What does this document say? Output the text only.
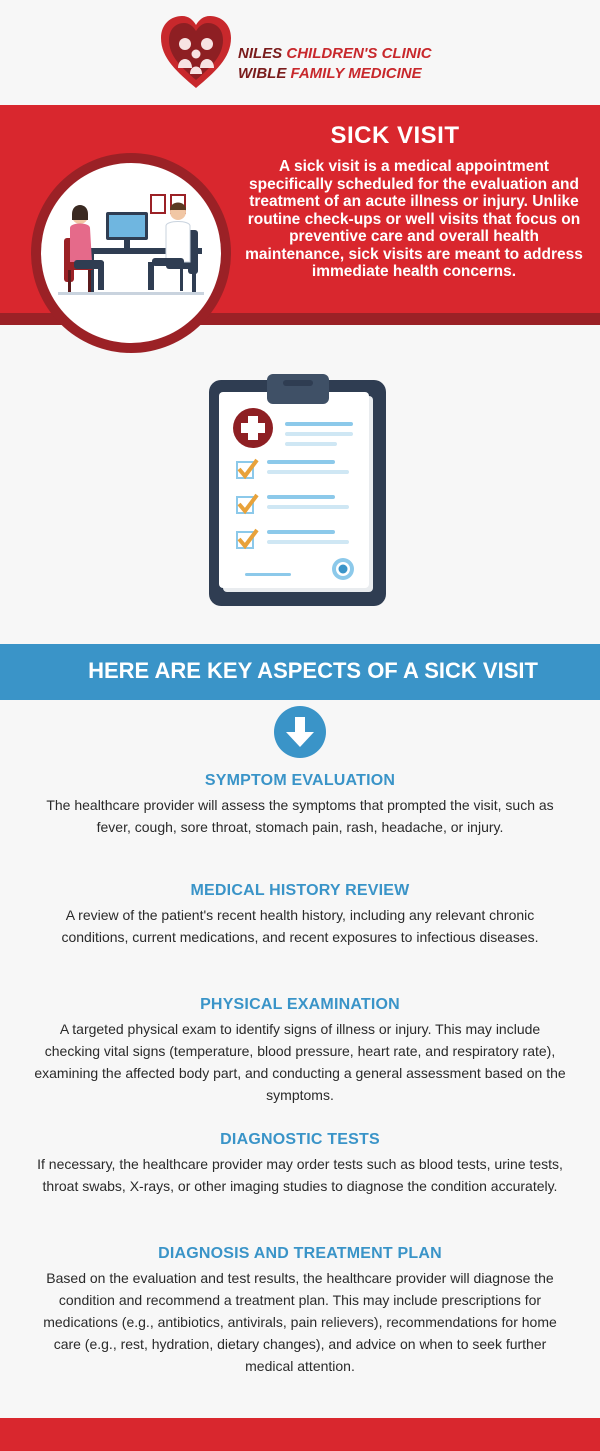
NILES CHILDREN'S CLINIC
WIBLE FAMILY MEDICINE
SICK VISIT
A sick visit is a medical appointment specifically scheduled for the evaluation and treatment of an acute illness or injury. Unlike routine check-ups or well visits that focus on preventive care and overall health maintenance, sick visits are meant to address immediate health concerns.
HERE ARE KEY ASPECTS OF A SICK VISIT
SYMPTOM EVALUATION

The healthcare provider will assess the symptoms that prompted the visit, such as fever, cough, sore throat, stomach pain, rash, headache, or injury.

MEDICAL HISTORY REVIEW

A review of the patient's recent health history, including any relevant chronic conditions, current medications, and recent exposures to infectious diseases.

PHYSICAL EXAMINATION

A targeted physical exam to identify signs of illness or injury. This may include checking vital signs (temperature, blood pressure, heart rate, and respiratory rate), examining the affected body part, and conducting a general assessment based on the symptoms.

DIAGNOSTIC TESTS

If necessary, the healthcare provider may order tests such as blood tests, urine tests, throat swabs, X-rays, or other imaging studies to diagnose the condition accurately.

DIAGNOSIS AND TREATMENT PLAN

Based on the evaluation and test results, the healthcare provider will diagnose the condition and recommend a treatment plan. This may include prescriptions for medications (e.g., antibiotics, antivirals, pain relievers), recommendations for home care (e.g., rest, hydration, dietary changes), and advice on when to seek further medical attention.
